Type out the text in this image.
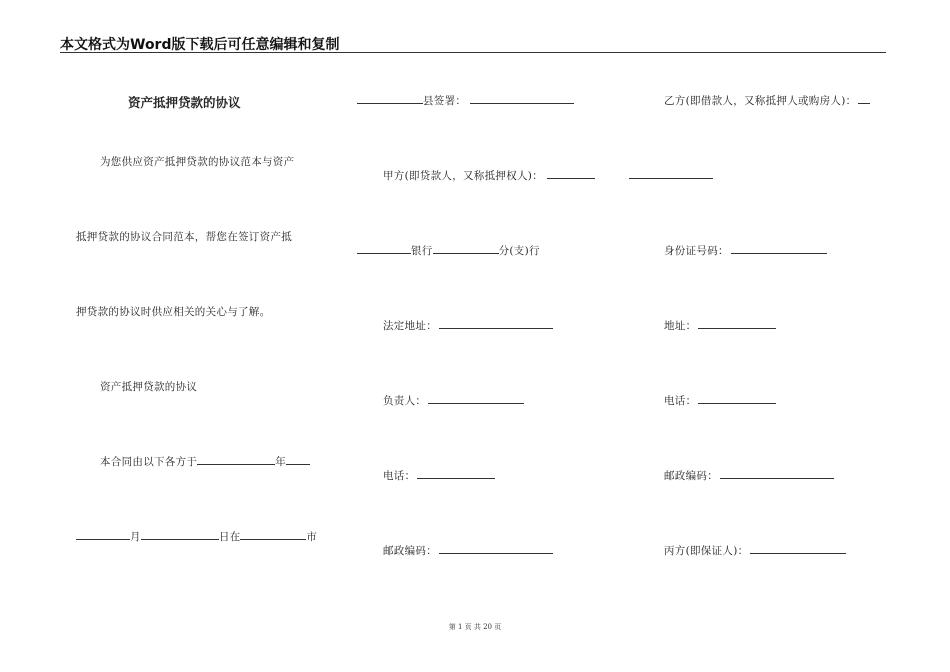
本文格式为Word版下载后可任意编辑和复制
资产抵押贷款的协议
为您供应资产抵押贷款的协议范本与资产
抵押贷款的协议合同范本，帮您在签订资产抵
押贷款的协议时供应相关的关心与了解。
资产抵押贷款的协议
本合同由以下各方于	年
月	日在	市
县签署：
甲方(即贷款人，又称抵押权人)：
银行	分(支)行
法定地址：
负责人：
电话：
邮政编码：
乙方(即借款人，又称抵押人或购房人)：
身份证号码：
地址：
电话：
邮政编码：
丙方(即保证人)：
第 1 页 共 20 页
